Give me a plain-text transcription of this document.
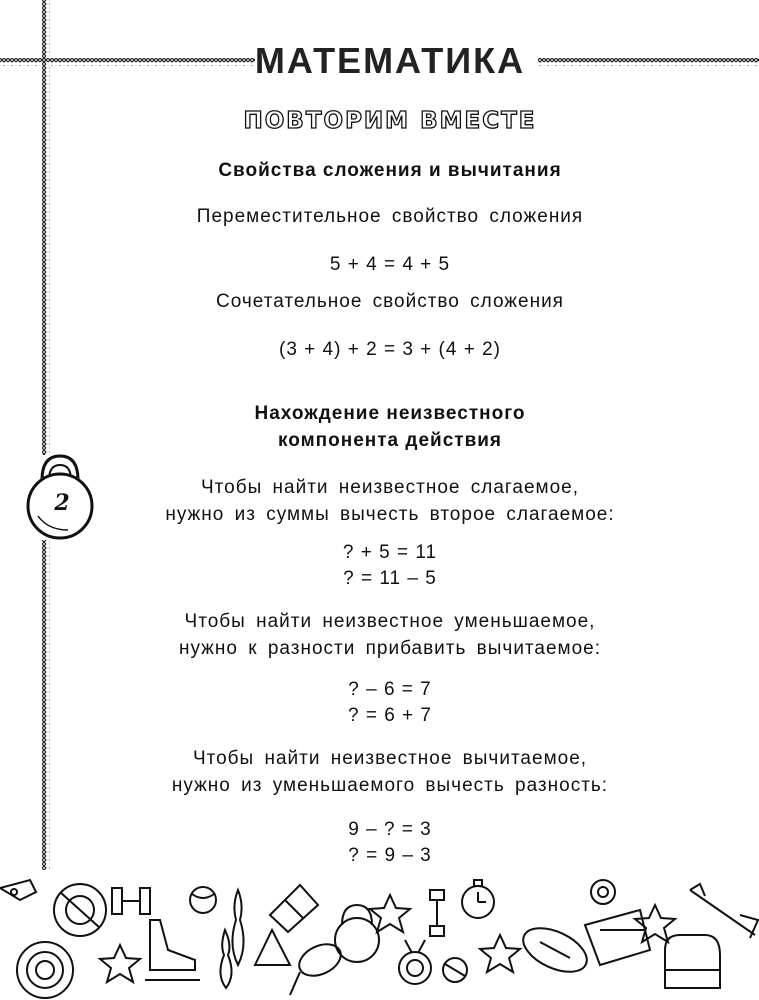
МАТЕМАТИКА
ПОВТОРИМ ВМЕСТЕ
2
Свойства сложения и вычитания
Переместительное свойство сложения
5 + 4 = 4 + 5
Сочетательное свойство сложения
(3 + 4) + 2 = 3 + (4 + 2)
Нахождение неизвестного
компонента действия
Чтобы найти неизвестное слагаемое,
нужно из суммы вычесть второе слагаемое:
? + 5 = 11
? = 11 – 5
Чтобы найти неизвестное уменьшаемое,
нужно к разности прибавить вычитаемое:
? – 6 = 7
? = 6 + 7
Чтобы найти неизвестное вычитаемое,
нужно из уменьшаемого вычесть разность:
9 – ? = 3
? = 9 – 3
